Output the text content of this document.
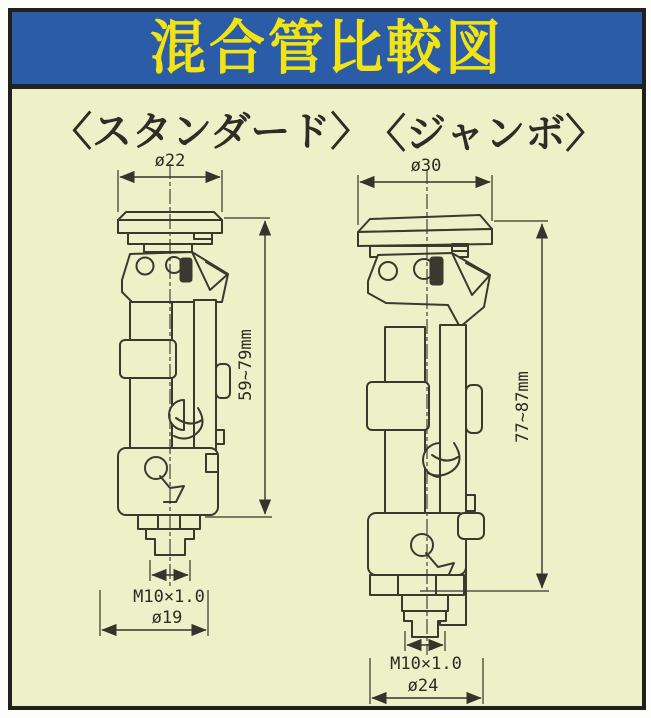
混合管比較図
〈スタンダード〉
〈ジャンボ〉
ø22
59~79mm
M10×1.0
ø19
ø30
77~87mm
M10×1.0
ø24
